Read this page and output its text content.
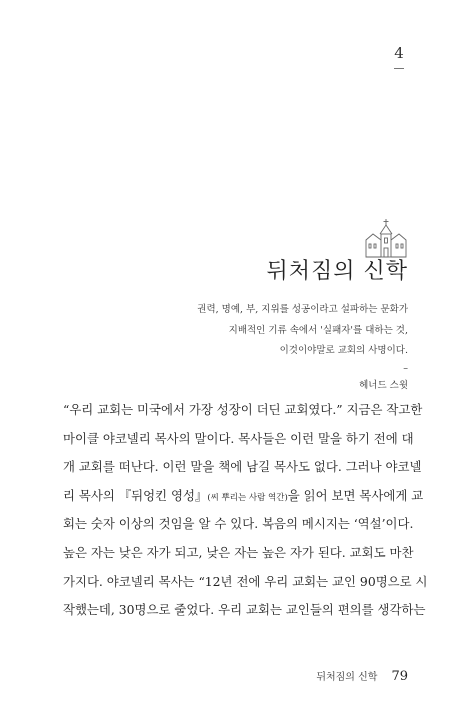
4
뒤처짐의 신학

권력, 명예, 부, 지위를 성공이라고 설파하는 문화가

지배적인 기류 속에서 '실패자'를 대하는 것,

이것이야말로 교회의 사명이다.

–

헤너드 스윗

“우리 교회는 미국에서 가장 성장이 더딘 교회였다.” 지금은 작고한
마이클 야코넬리 목사의 말이다. 목사들은 이런 말을 하기 전에 대
개 교회를 떠난다. 이런 말을 책에 남길 목사도 없다. 그러나 야코넬
리 목사의 『뒤엉킨 영성』(씨 뿌리는 사람 역간)을 읽어 보면 목사에게 교
회는 숫자 이상의 것임을 알 수 있다. 복음의 메시지는 ‘역설’이다.
높은 자는 낮은 자가 되고, 낮은 자는 높은 자가 된다. 교회도 마찬
가지다. 야코넬리 목사는 “12년 전에 우리 교회는 교인 90명으로 시
작했는데, 30명으로 줄었다. 우리 교회는 교인들의 편의를 생각하는
뒤처짐의 신학 79
